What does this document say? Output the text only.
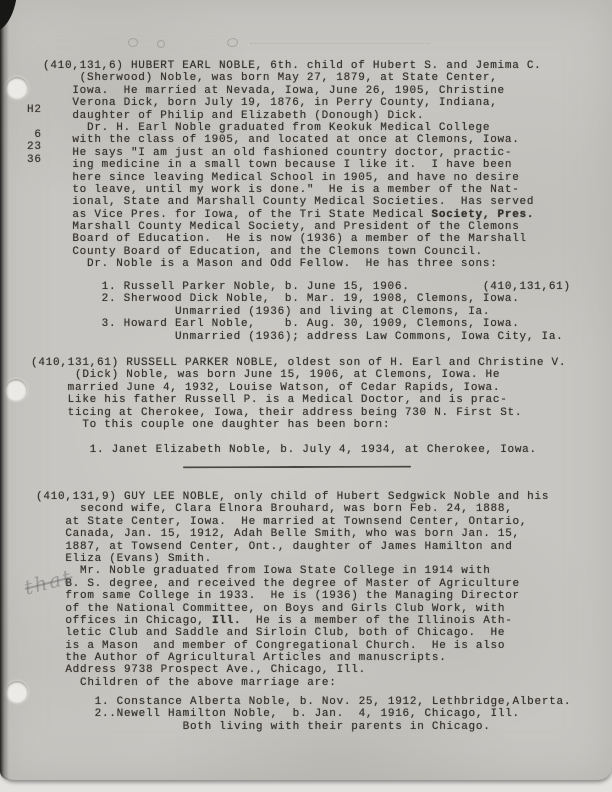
H2

6
23
36
(410,131,6) HUBERT EARL NOBLE, 6th. child of Hubert S. and Jemima C.
(Sherwood) Noble, was born May 27, 1879, at State Center,
Iowa.  He married at Nevada, Iowa, June 26, 1905, Christine
Verona Dick, born July 19, 1876, in Perry County, Indiana,
daughter of Philip and Elizabeth (Donough) Dick.
Dr. H. Earl Noble graduated from Keokuk Medical College
with the class of 1905, and located at once at Clemons, Iowa.
He says "I am just an old fashioned country doctor, practic-
ing medicine in a small town because I like it.  I have been
here since leaving Medical School in 1905, and have no desire
to leave, until my work is done."  He is a member of the Nat-
ional, State and Marshall County Medical Societies.  Has served
as Vice Pres. for Iowa, of the Tri State Medical Society, Pres.
Marshall County Medical Society, and President of the Clemons
Board of Education.  He is now (1936) a member of the Marshall
County Board of Education, and the Clemons town Council.
Dr. Noble is a Mason and Odd Fellow.  He has three sons:
1. Russell Parker Noble, b. June 15, 1906.          (410,131,61)
2. Sherwood Dick Noble,  b. Mar. 19, 1908, Clemons, Iowa.
Unmarried (1936) and living at Clemons, Ia.
3. Howard Earl Noble,    b. Aug. 30, 1909, Clemons, Iowa.
Unmarried (1936); address Law Commons, Iowa City, Ia.
(410,131,61) RUSSELL PARKER NOBLE, oldest son of H. Earl and Christine V.
(Dick) Noble, was born June 15, 1906, at Clemons, Iowa. He
married June 4, 1932, Louise Watson, of Cedar Rapids, Iowa.
Like his father Russell P. is a Medical Doctor, and is prac-
ticing at Cherokee, Iowa, their address being 730 N. First St.
To this couple one daughter has been born:

1. Janet Elizabeth Noble, b. July 4, 1934, at Cherokee, Iowa.
(410,131,9) GUY LEE NOBLE, only child of Hubert Sedgwick Noble and his
second wife, Clara Elnora Brouhard, was born Feb. 24, 1888,
at State Center, Iowa.  He married at Townsend Center, Ontario,
Canada, Jan. 15, 1912, Adah Belle Smith, who was born Jan. 15,
1887, at Towsend Center, Ont., daughter of James Hamilton and
Eliza (Evans) Smith.
Mr. Noble graduated from Iowa State College in 1914 with
B. S. degree, and received the degree of Master of Agriculture
from same College in 1933.  He is (1936) the Managing Director
of the National Committee, on Boys and Girls Club Work, with
offices in Chicago, Ill.  He is a member of the Illinois Ath-
letic Club and Saddle and Sirloin Club, both of Chicago.  He
is a Mason  and member of Congregational Church.  He is also
the Author of Agricultural Articles and manuscripts.
Address 9738 Prospect Ave., Chicago, Ill.
Children of the above marriage are:
1. Constance Alberta Noble, b. Nov. 25, 1912, Lethbridge,Alberta.
2..Newell Hamilton Noble,  b. Jan.  4, 1916, Chicago, Ill.
Both living with their parents in Chicago.
that
